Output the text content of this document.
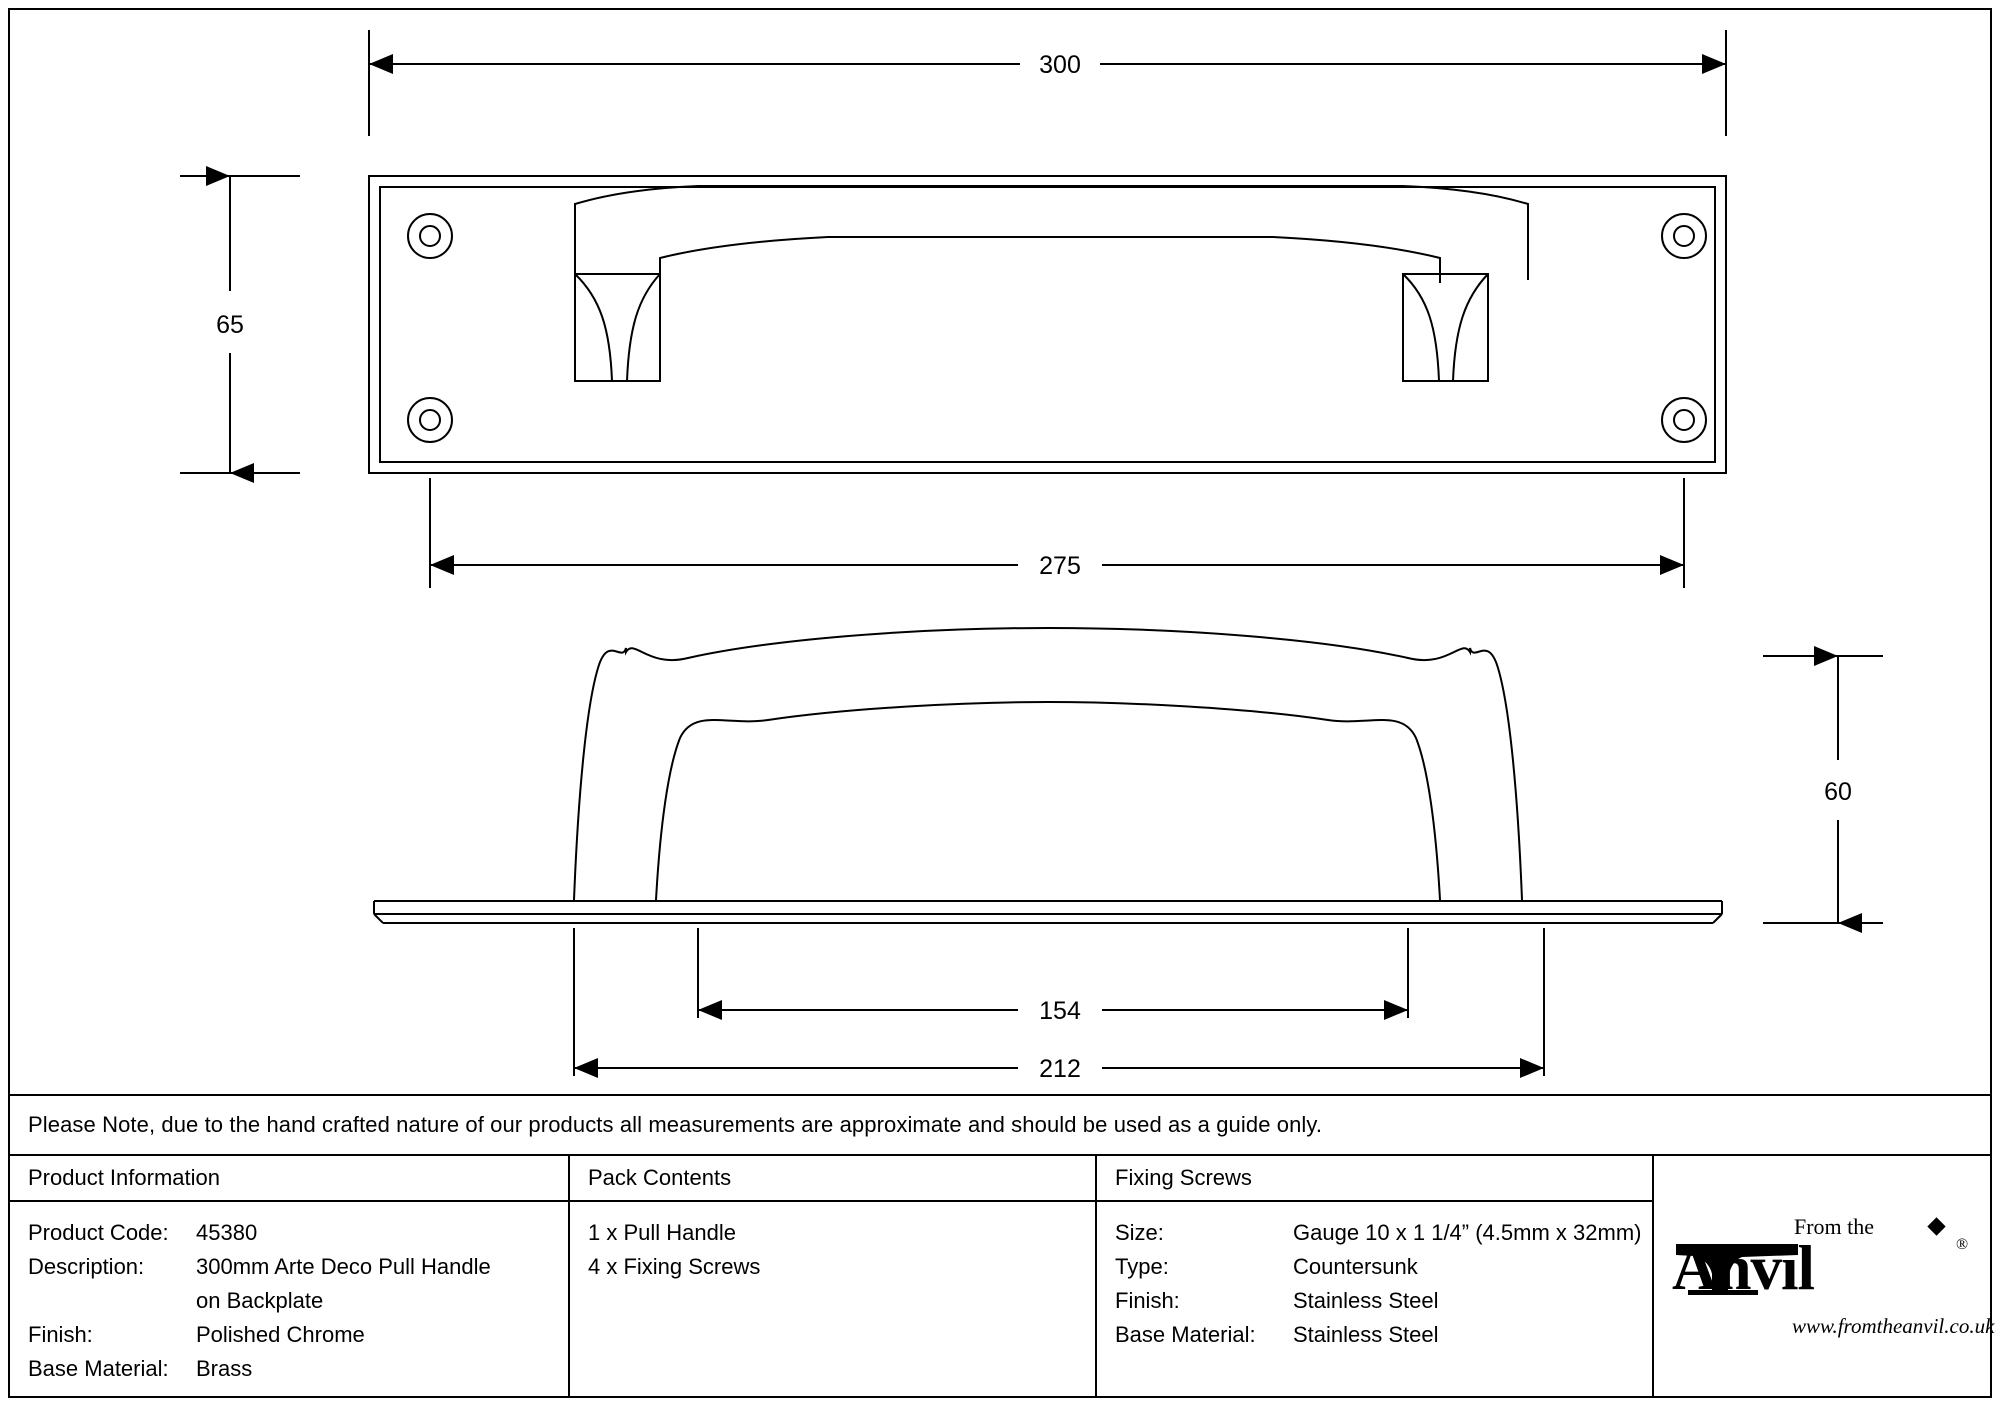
300
65
275
60
154
212
Please Note, due to the hand crafted nature of our products all measurements are approximate and should be used as a guide only.
Product Information
Product Code:	45380
Description:	300mm Arte Deco Pull Handle
on Backplate
Finish:	Polished Chrome
Base Material:	Brass
Pack Contents
1 x Pull Handle
4 x Fixing Screws
Fixing Screws
Size:	Gauge 10 x 1 1/4” (4.5mm x 32mm)
Type:	Countersunk
Finish:	Stainless Steel
Base Material:	Stainless Steel
From the
Anvil	®
www.fromtheanvil.co.uk
